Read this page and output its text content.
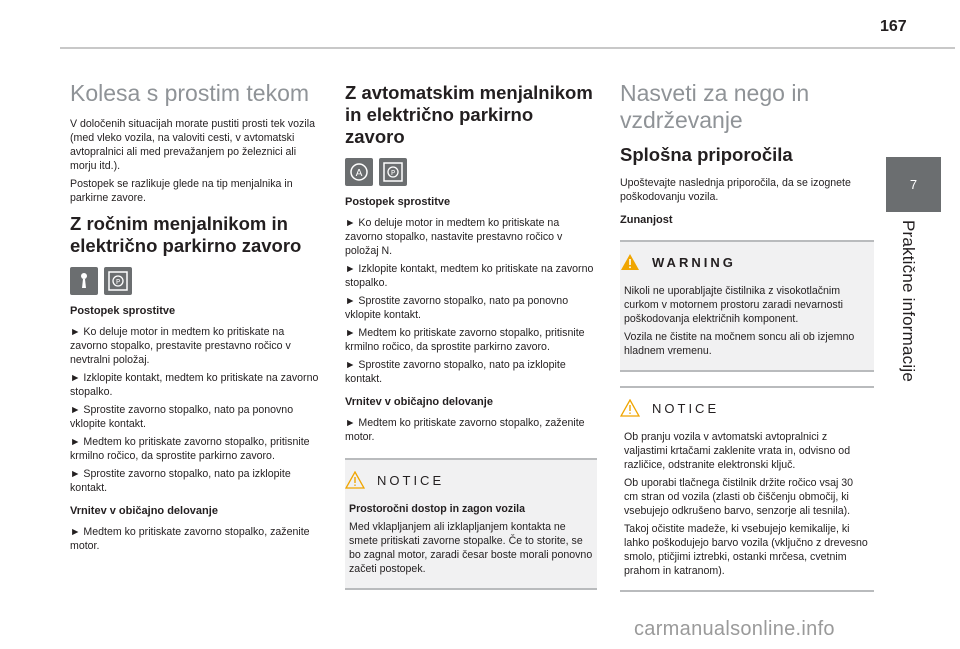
167
7
Praktične informacije
Kolesa s prostim tekom

V določenih situacijah morate pustiti prosti tek vozila (med vleko vozila, na valoviti cesti, v avtomatski avtopralnici ali med prevažanjem po železnici ali morju itd.).

Postopek se razlikuje glede na tip menjalnika in parkirne zavore.

Z ročnim menjalnikom in električno parkirno zavoro
P
Postopek sprostitve

► Ko deluje motor in medtem ko pritiskate na zavorno stopalko, prestavite prestavno ročico v nevtralni položaj.

► Izklopite kontakt, medtem ko pritiskate na zavorno stopalko.

► Sprostite zavorno stopalko, nato pa ponovno vklopite kontakt.

► Medtem ko pritiskate zavorno stopalko, pritisnite krmilno ročico, da sprostite parkirno zavoro.

► Sprostite zavorno stopalko, nato pa izklopite kontakt.

Vrnitev v običajno delovanje

► Medtem ko pritiskate zavorno stopalko, zaženite motor.

Z avtomatskim menjalnikom in električno parkirno zavoro
A	P
Postopek sprostitve

► Ko deluje motor in medtem ko pritiskate na zavorno stopalko, nastavite prestavno ročico v položaj N.

► Izklopite kontakt, medtem ko pritiskate na zavorno stopalko.

► Sprostite zavorno stopalko, nato pa ponovno vklopite kontakt.

► Medtem ko pritiskate zavorno stopalko, pritisnite krmilno ročico, da sprostite parkirno zavoro.

► Sprostite zavorno stopalko, nato pa izklopite kontakt.

Vrnitev v običajno delovanje

► Medtem ko pritiskate zavorno stopalko, zaženite motor.

NOTICE

Prostoročni dostop in zagon vozila

Med vklapljanjem ali izklapljanjem kontakta ne smete pritiskati zavorne stopalke. Če to storite, se bo zagnal motor, zaradi česar boste morali ponovno začeti postopek.

Nasveti za nego in vzdrževanje
Splošna priporočila

Upoštevajte naslednja priporočila, da se izognete poškodovanju vozila.

Zunanjost
WARNING

Nikoli ne uporabljajte čistilnika z visokotlačnim curkom v motornem prostoru zaradi nevarnosti poškodovanja električnih komponent.

Vozila ne čistite na močnem soncu ali ob izjemno hladnem vremenu.

NOTICE

Ob pranju vozila v avtomatski avtopralnici z valjastimi krtačami zaklenite vrata in, odvisno od različice, odstranite elektronski ključ.

Ob uporabi tlačnega čistilnik držite ročico vsaj 30 cm stran od vozila (zlasti ob čiščenju območij, ki vsebujejo odkrušeno barvo, senzorje ali tesnila).

Takoj očistite madeže, ki vsebujejo kemikalije, ki lahko poškodujejo barvo vozila (vključno z drevesno smolo, ptičjimi iztrebki, ostanki mrčesa, cvetnim prahom in katranom).

carmanualsonline.info
